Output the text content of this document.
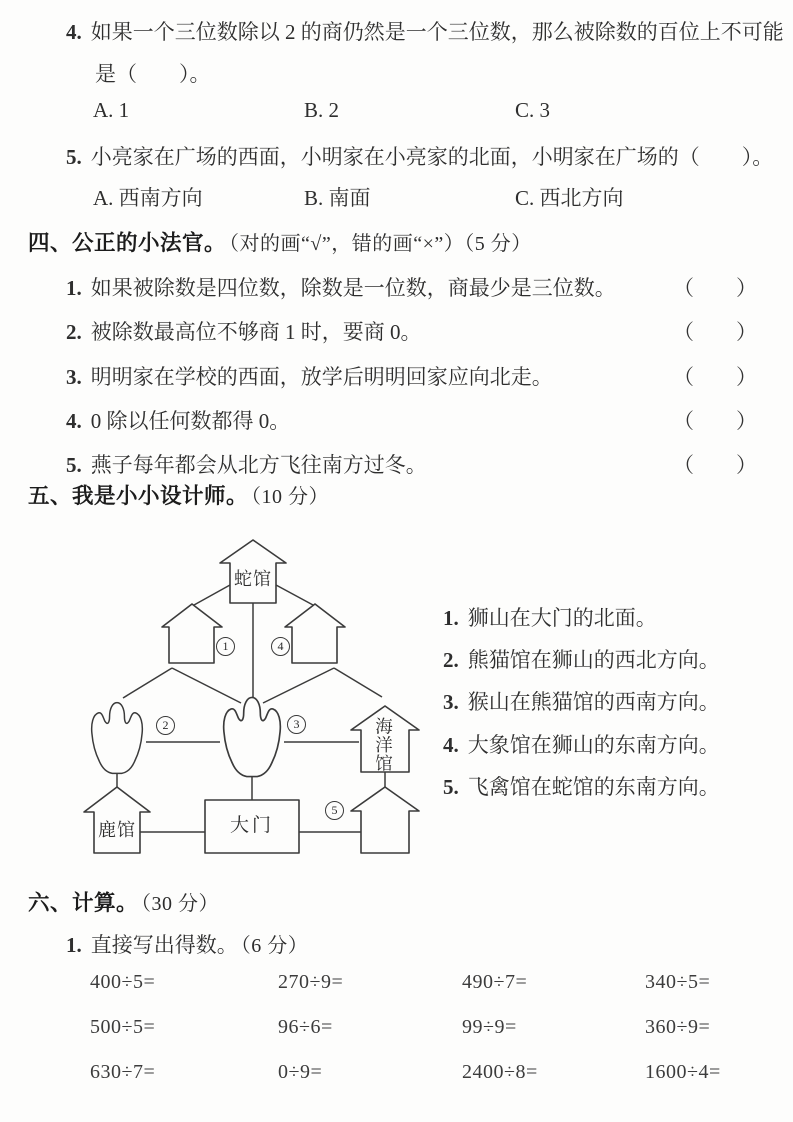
4. 如果一个三位数除以 2 的商仍然是一个三位数，那么被除数的百位上不可能
是（　　）。
A. 1	B. 2	C. 3
5. 小亮家在广场的西面，小明家在小亮家的北面，小明家在广场的（　　）。
A. 西南方向	B. 南面	C. 西北方向
四、公正的小法官。 （对的画“√”，错的画“×”）（5 分）
1. 如果被除数是四位数，除数是一位数，商最少是三位数。	（　　）
2. 被除数最高位不够商 1 时，要商 0。	（　　）
3. 明明家在学校的西面，放学后明明回家应向北走。	（　　）
4. 0 除以任何数都得 0。	（　　）
5. 燕子每年都会从北方飞往南方过冬。	（　　）
五、我是小小设计师。 （10 分）
蛇馆
海洋馆
鹿馆	大门
1
2	3
4
5
1. 狮山在大门的北面。
2. 熊猫馆在狮山的西北方向。
3. 猴山在熊猫馆的西南方向。
4. 大象馆在狮山的东南方向。
5. 飞禽馆在蛇馆的东南方向。
六、计算。 （30 分）
1. 直接写出得数。 （6 分）
400÷5=	270÷9=	490÷7=	340÷5=
500÷5=	96÷6=	99÷9=	360÷9=
630÷7=	0÷9=	2400÷8=	1600÷4=
